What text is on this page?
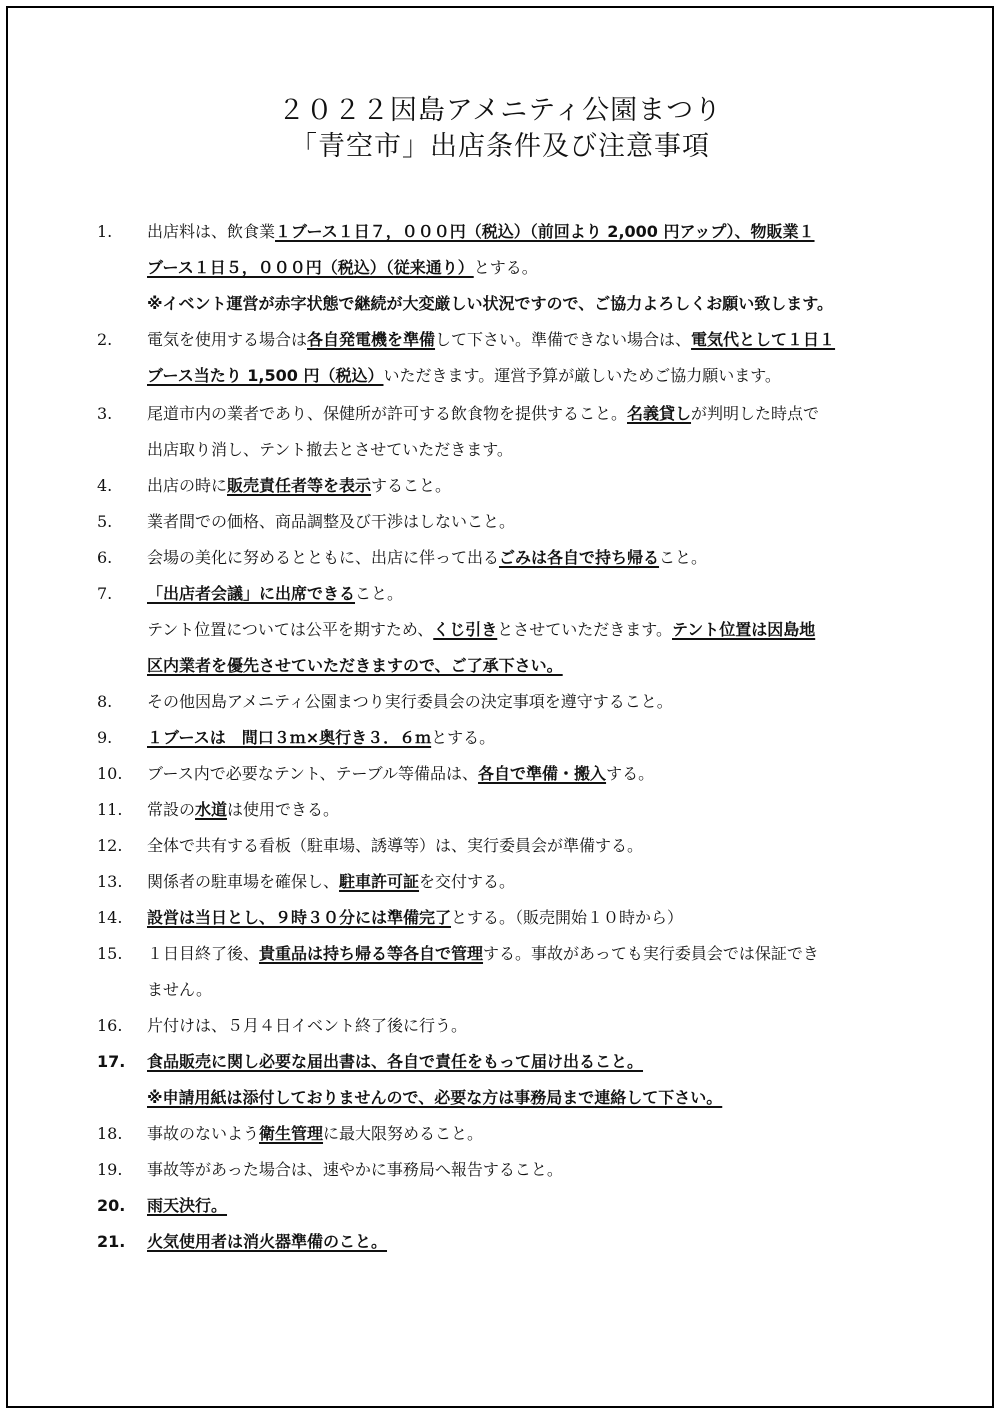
２０２２因島アメニティ公園まつり
「青空市」出店条件及び注意事項
1. 出店料は、飲食業１ブース１日７，０００円（税込）（前回より 2,000 円アップ）、物販業１
ブース１日５，０００円（税込）（従来通り）とする。
※イベント運営が赤字状態で継続が大変厳しい状況ですので、ご協力よろしくお願い致します。
2. 電気を使用する場合は各自発電機を準備して下さい。準備できない場合は、電気代として１日１
ブース当たり 1,500 円（税込）いただきます。運営予算が厳しいためご協力願います。
3. 尾道市内の業者であり、保健所が許可する飲食物を提供すること。名義貸しが判明した時点で
出店取り消し、テント撤去とさせていただきます。
4. 出店の時に販売責任者等を表示すること。
5. 業者間での価格、商品調整及び干渉はしないこと。
6. 会場の美化に努めるとともに、出店に伴って出るごみは各自で持ち帰ること。
7. 「出店者会議」に出席できること。
テント位置については公平を期すため、くじ引きとさせていただきます。テント位置は因島地
区内業者を優先させていただきますので、ご了承下さい。
8. その他因島アメニティ公園まつり実行委員会の決定事項を遵守すること。
9. １ブースは　間口３ｍ×奥行き３．６ｍとする。
10. ブース内で必要なテント、テーブル等備品は、各自で準備・搬入する。
11. 常設の水道は使用できる。
12. 全体で共有する看板（駐車場、誘導等）は、実行委員会が準備する。
13. 関係者の駐車場を確保し、駐車許可証を交付する。
14. 設営は当日とし、９時３０分には準備完了とする。（販売開始１０時から）
15. １日目終了後、貴重品は持ち帰る等各自で管理する。事故があっても実行委員会では保証でき
ません。
16. 片付けは、５月４日イベント終了後に行う。
17. 食品販売に関し必要な届出書は、各自で責任をもって届け出ること。
※申請用紙は添付しておりませんので、必要な方は事務局まで連絡して下さい。
18. 事故のないよう衛生管理に最大限努めること。
19. 事故等があった場合は、速やかに事務局へ報告すること。
20. 雨天決行。
21. 火気使用者は消火器準備のこと。
